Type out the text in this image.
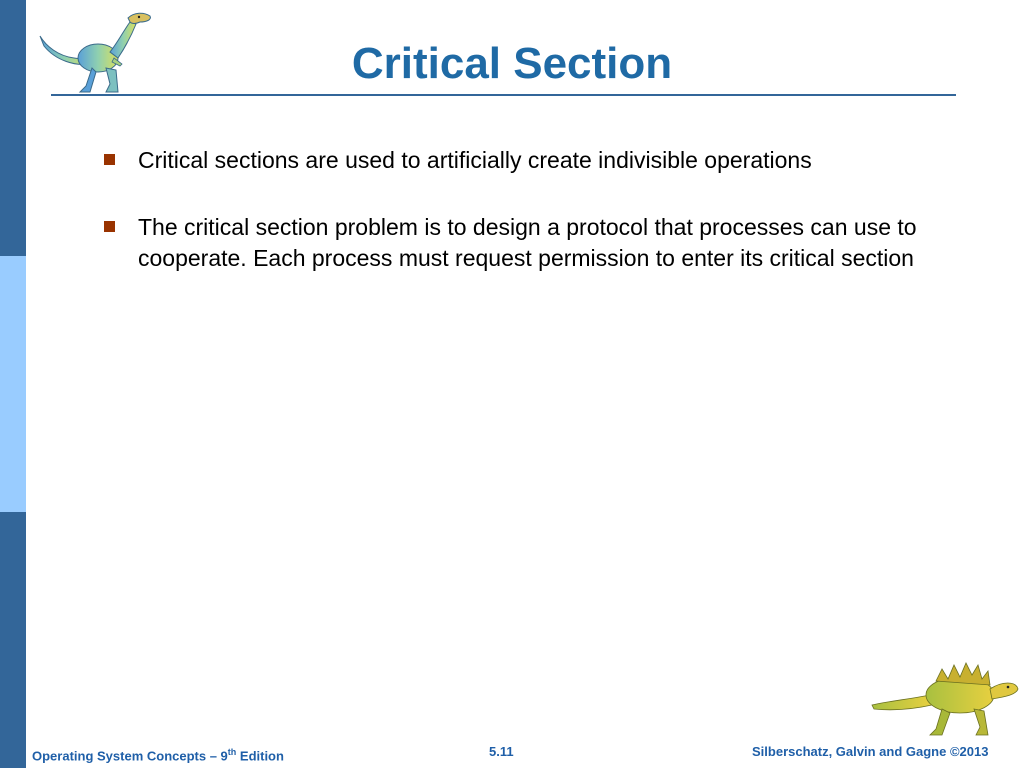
Critical Section
Critical sections are used to artificially create indivisible operations
The critical section problem is to design a protocol that processes can use to cooperate. Each process must request permission to enter its critical section
Operating System Concepts – 9th Edition	5.11	Silberschatz, Galvin and Gagne ©2013
